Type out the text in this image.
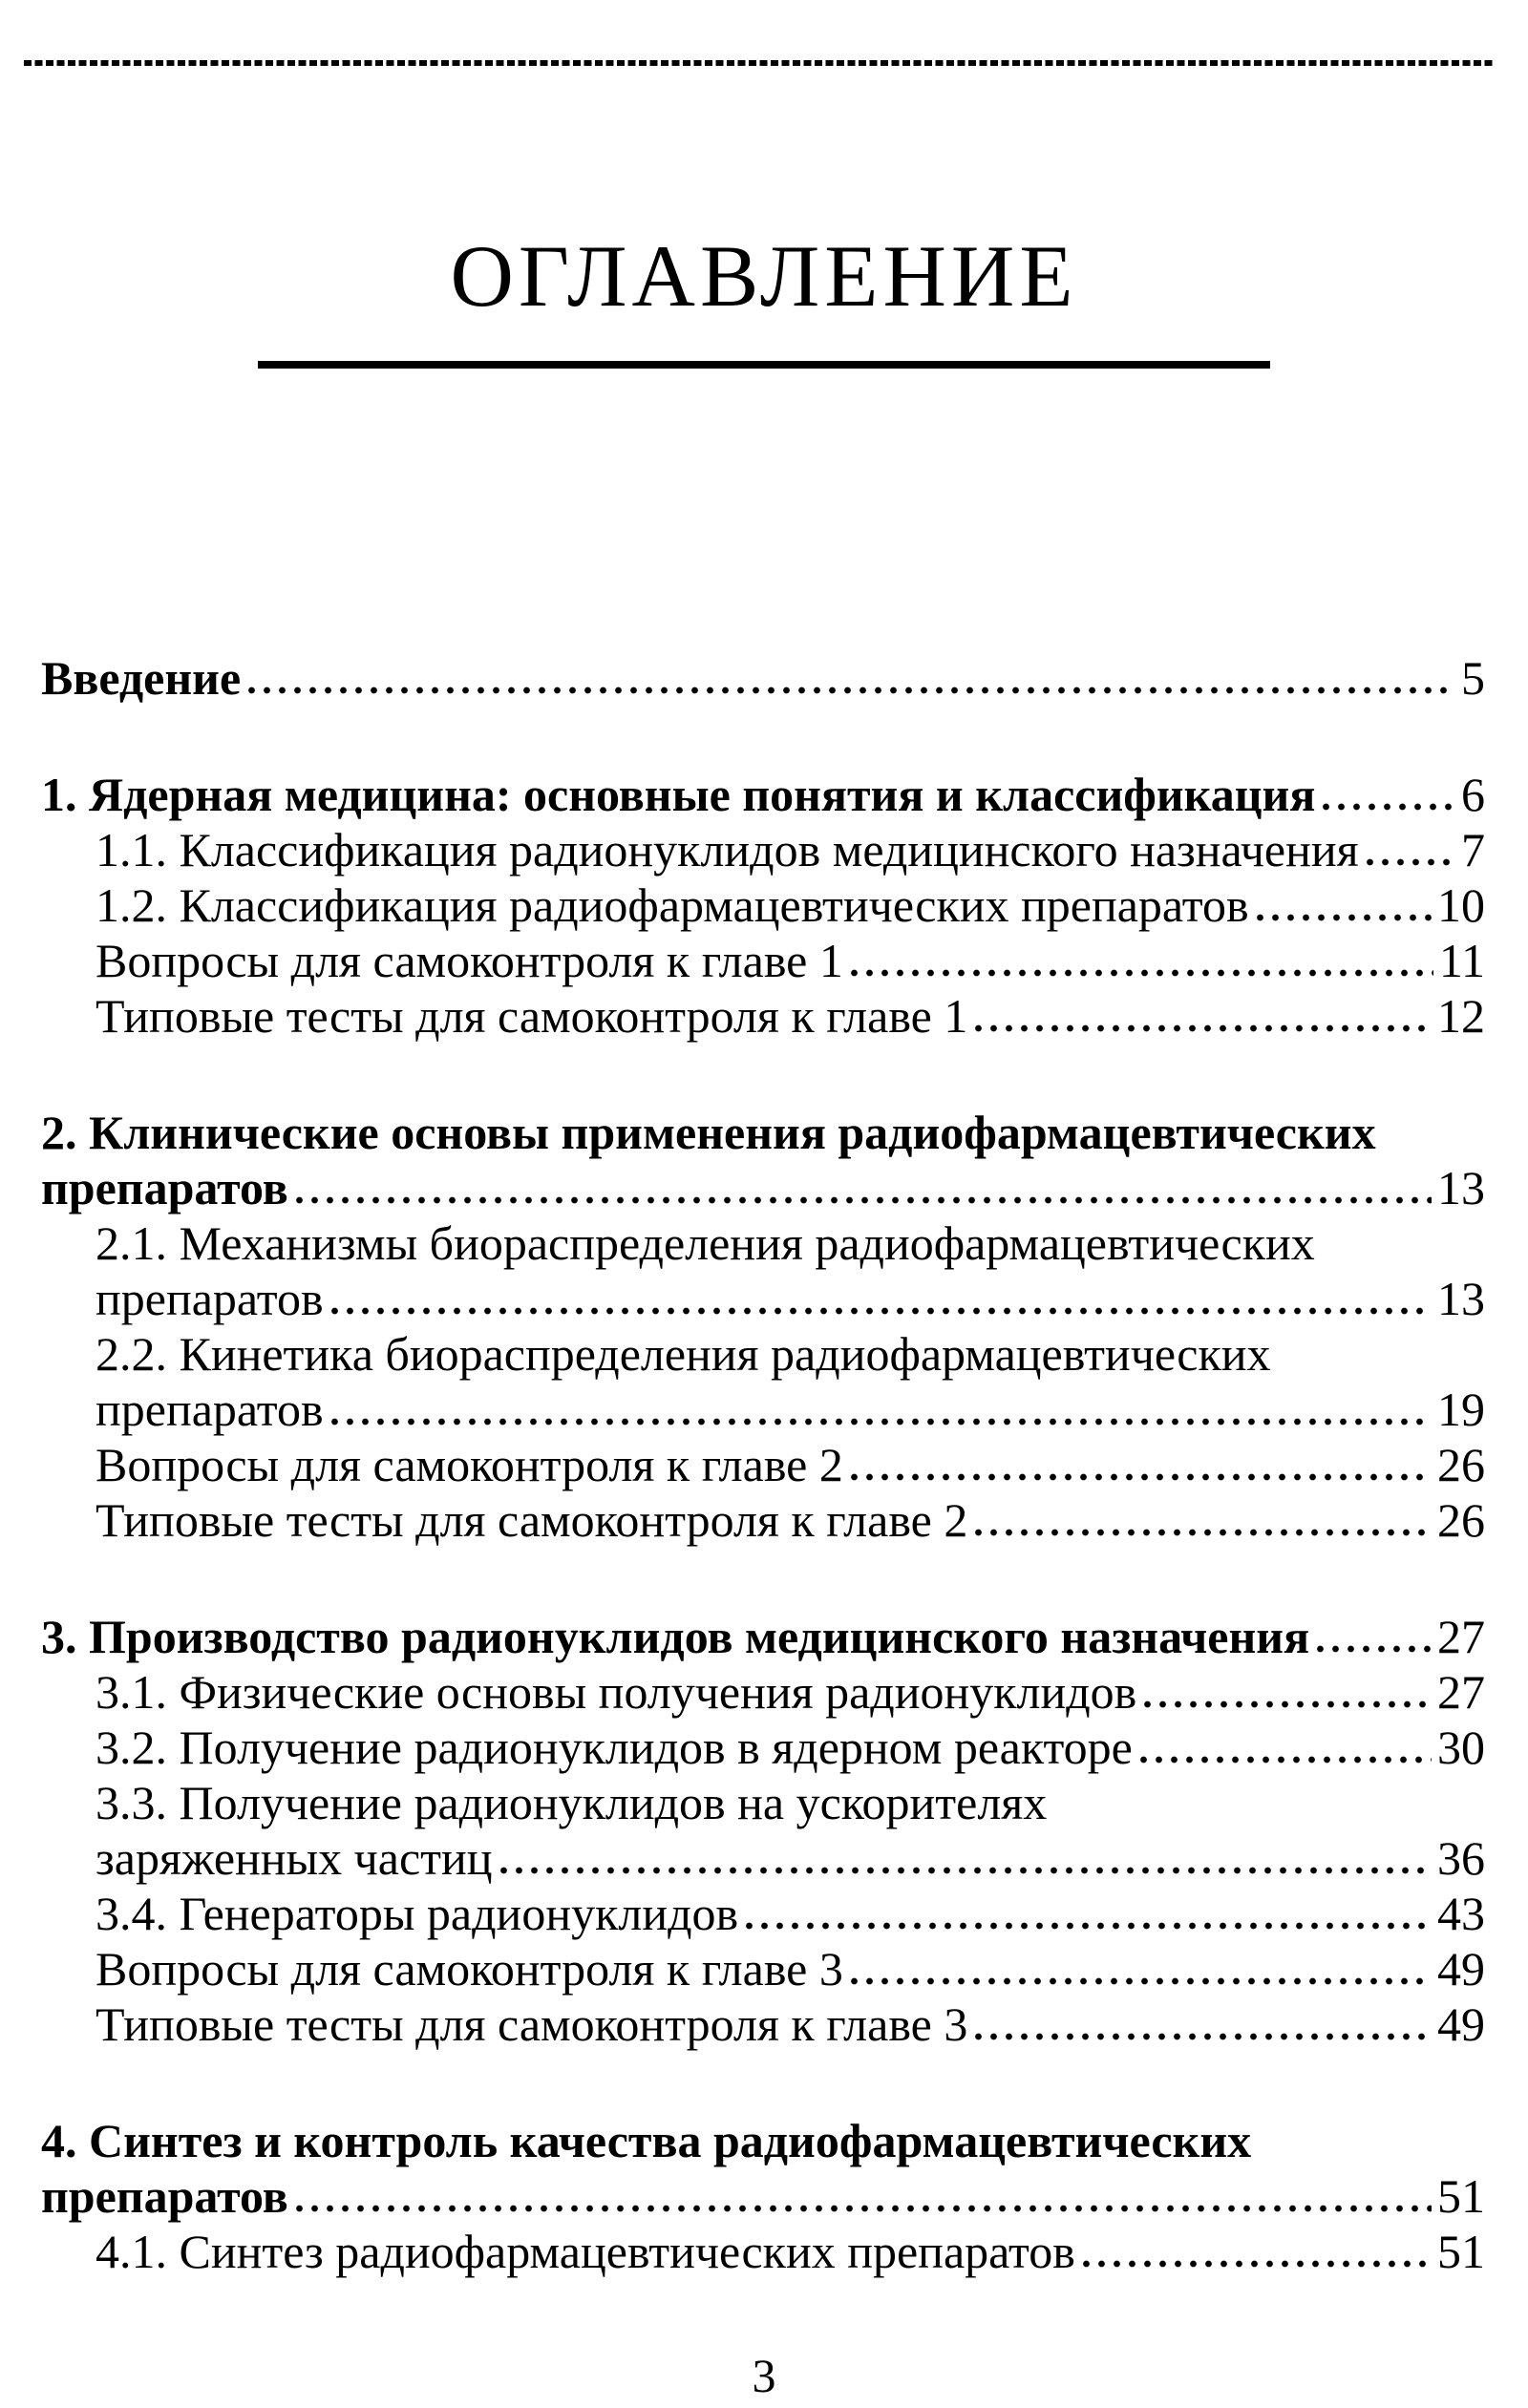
ОГЛАВЛЕНИЕ
Введение	5
1. Ядерная медицина: основные понятия и классификация	6
1.1. Классификация радионуклидов медицинского назначения 7
1.2. Классификация радиофармацевтических препаратов	10
Вопросы для самоконтроля к главе 1	11
Типовые тесты для самоконтроля к главе 1	12
2. Клинические основы применения радиофармацевтических
препаратов	13
2.1. Механизмы биораспределения радиофармацевтических
препаратов	13
2.2. Кинетика биораспределения радиофармацевтических
препаратов	19
Вопросы для самоконтроля к главе 2	26
Типовые тесты для самоконтроля к главе 2	26
3. Производство радионуклидов медицинского назначения	27
3.1. Физические основы получения радионуклидов	27
3.2. Получение радионуклидов в ядерном реакторе	30
3.3. Получение радионуклидов на ускорителях
заряженных частиц	36
3.4. Генераторы радионуклидов	43
Вопросы для самоконтроля к главе 3	49
Типовые тесты для самоконтроля к главе 3	49
4. Синтез и контроль качества радиофармацевтических
препаратов	51
4.1. Синтез радиофармацевтических препаратов	51
3
